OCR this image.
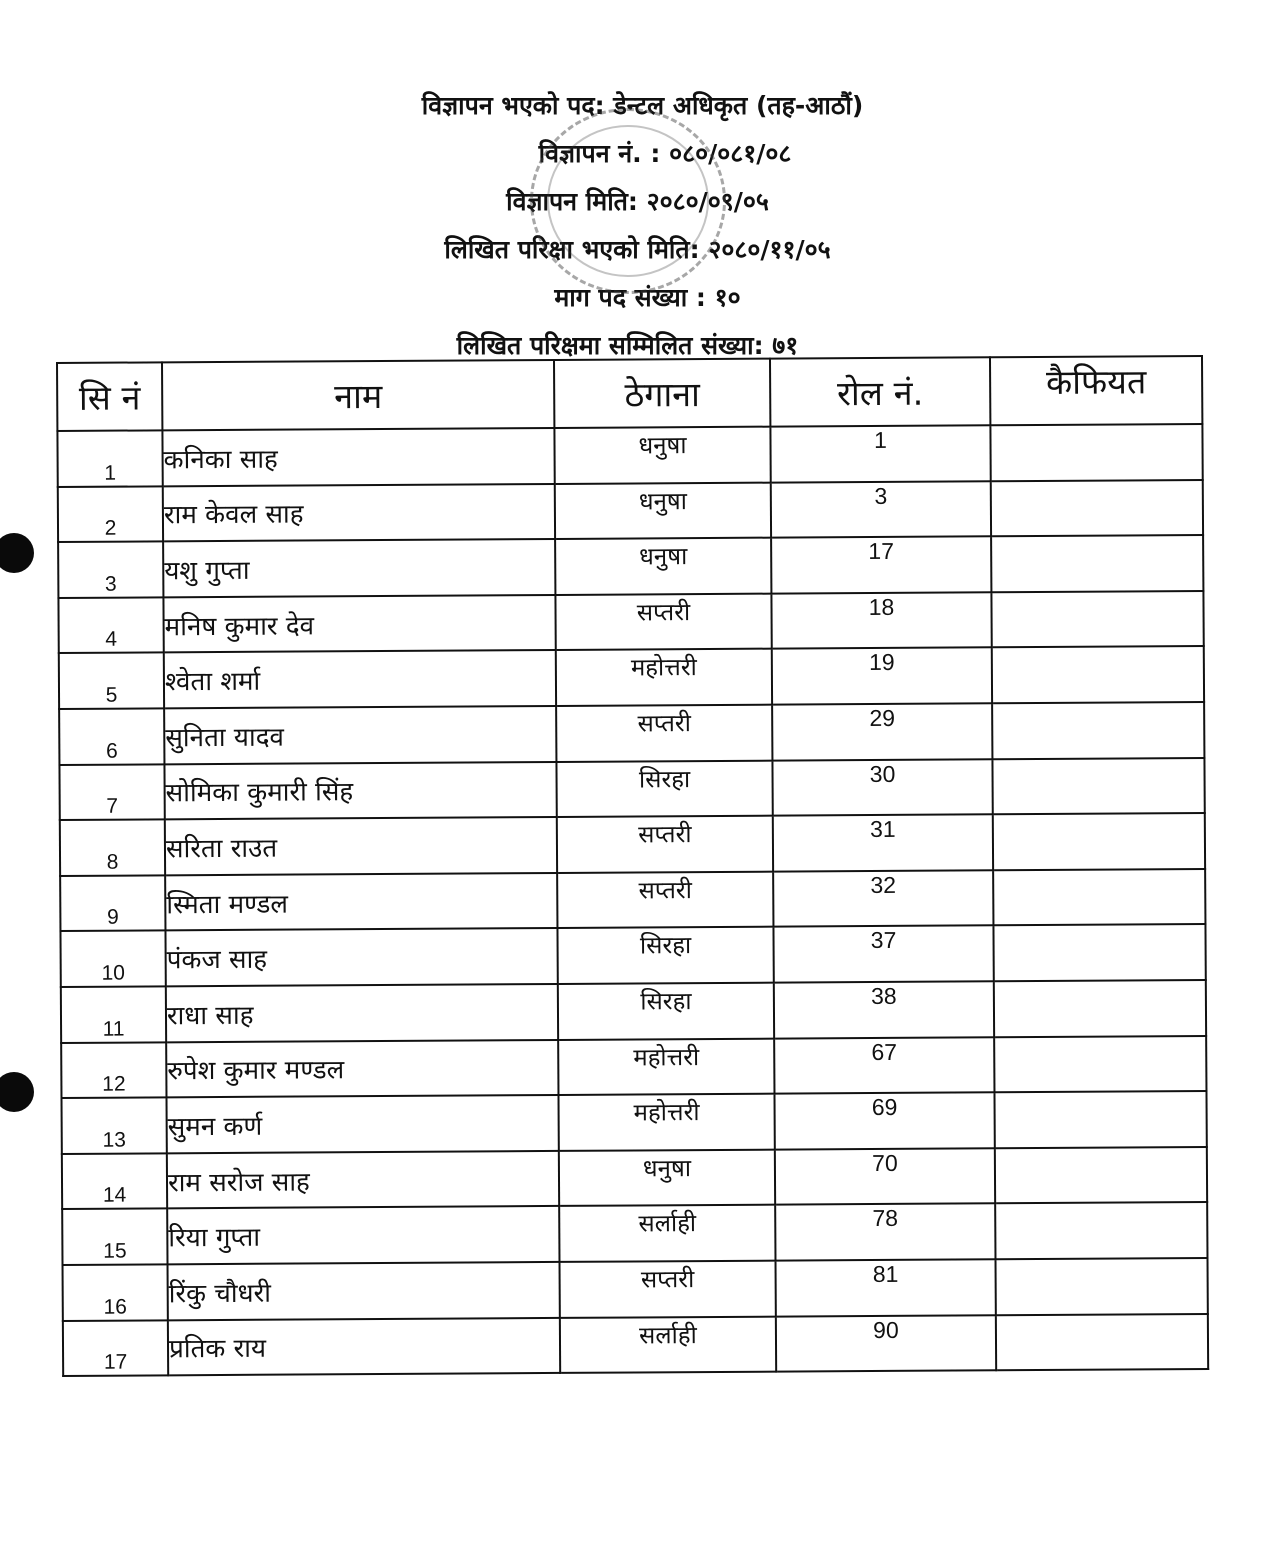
विज्ञापन भएको पद: डेन्टल अधिकृत (तह-आठौं)
विज्ञापन नं. : ०८०/०८१/०८
विज्ञापन मिति: २०८०/०९/०५
लिखित परिक्षा भएको मिति: २०८०/११/०५
माग पद संख्या : १०
लिखित परिक्षमा सम्मिलित संख्या: ७१
सि नं	नाम	ठेगाना	रोल नं.	कैफियत
1	कनिका साह	धनुषा	1	
2	राम केवल साह	धनुषा	3	
3	यशु गुप्ता	धनुषा	17	
4	मनिष कुमार देव	सप्तरी	18	
5	श्वेता शर्मा	महोत्तरी	19	
6	सुनिता यादव	सप्तरी	29	
7	सोमिका कुमारी सिंह	सिरहा	30	
8	सरिता राउत	सप्तरी	31	
9	स्मिता मण्डल	सप्तरी	32	
10	पंकज साह	सिरहा	37	
11	राधा साह	सिरहा	38	
12	रुपेश कुमार मण्डल	महोत्तरी	67	
13	सुमन कर्ण	महोत्तरी	69	
14	राम सरोज साह	धनुषा	70	
15	रिया गुप्ता	सर्लाही	78	
16	रिंकु चौधरी	सप्तरी	81	
17	प्रतिक राय	सर्लाही	90	
